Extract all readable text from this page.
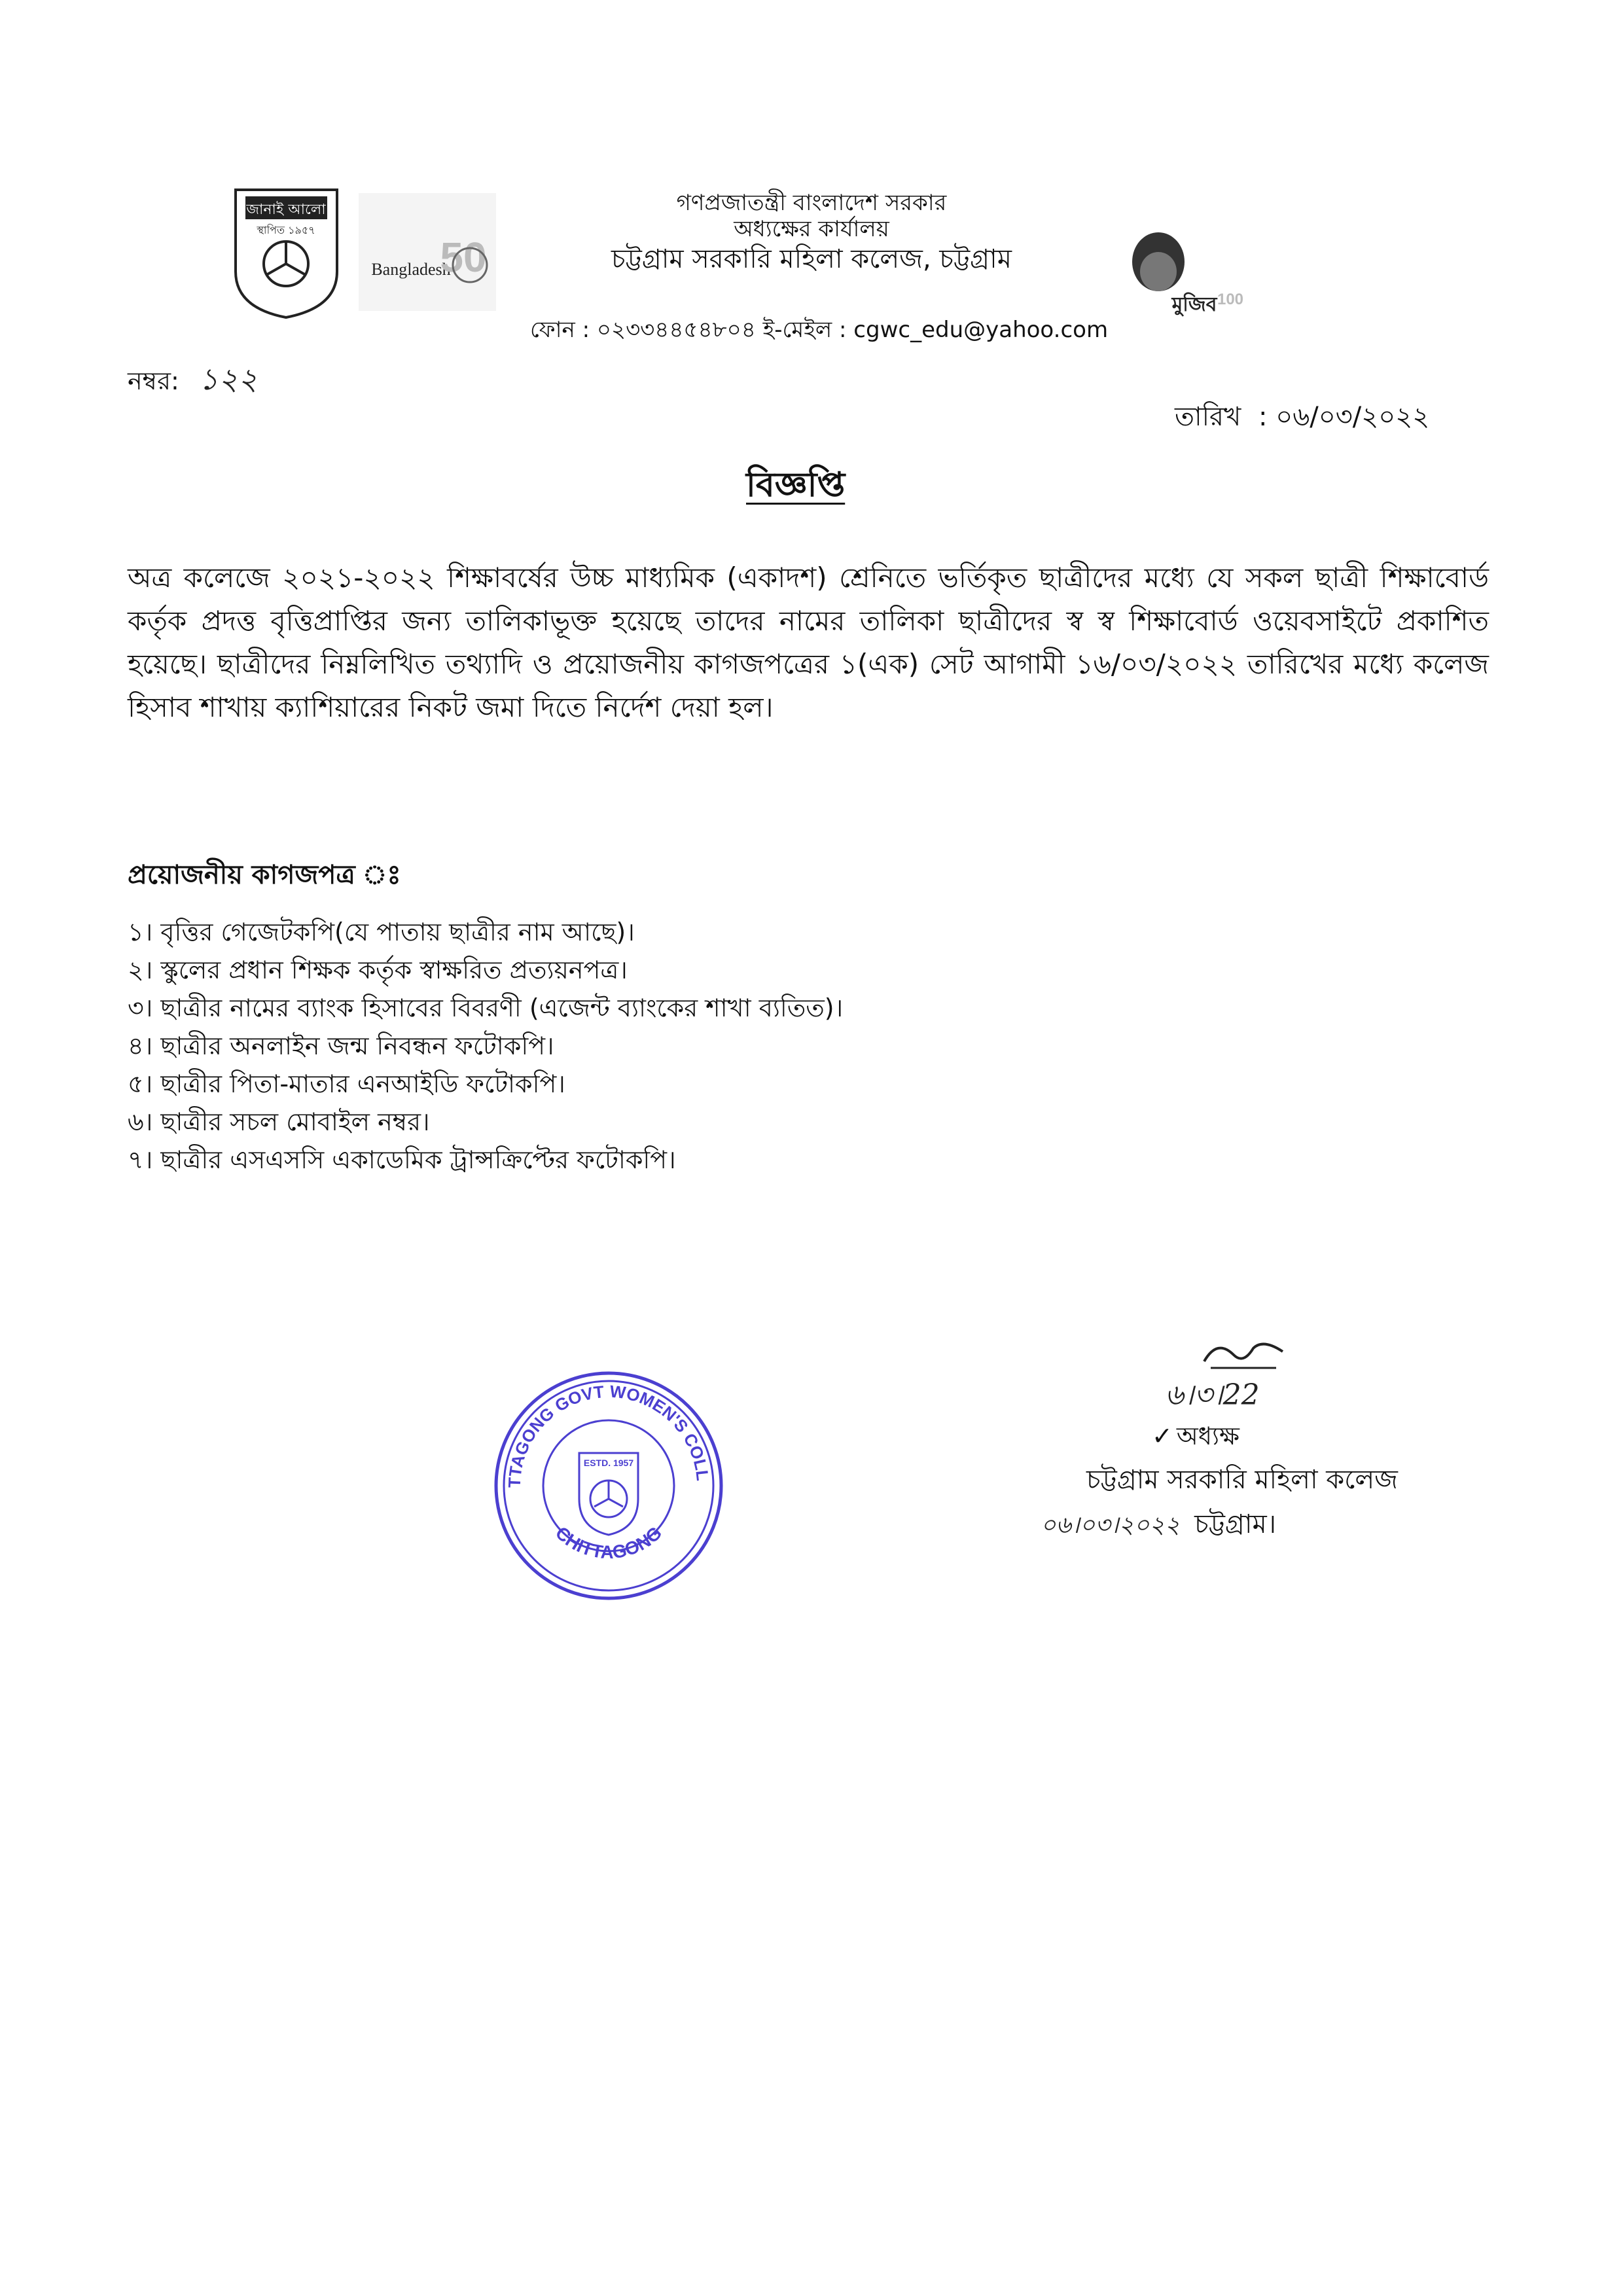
জানাই আলো
স্থাপিত ১৯৫৭
Bangladesh
50
মুজিব 100
গণপ্রজাতন্ত্রী বাংলাদেশ সরকার
অধ্যক্ষের কার্যালয়
চট্টগ্রাম সরকারি মহিলা কলেজ, চট্টগ্রাম
ফোন : ০২৩৩৪৪৫৪৮০৪ ই-মেইল : cgwc_edu@yahoo.com
নম্বর: ১২২
তারিখ : ০৬/০৩/২০২২
বিজ্ঞপ্তি
অত্র কলেজে ২০২১-২০২২ শিক্ষাবর্ষের উচ্চ মাধ্যমিক (একাদশ) শ্রেনিতে ভর্তিকৃত ছাত্রীদের মধ্যে যে সকল ছাত্রী শিক্ষাবোর্ড কর্তৃক প্রদত্ত বৃত্তিপ্রাপ্তির জন্য তালিকাভূক্ত হয়েছে তাদের নামের তালিকা ছাত্রীদের স্ব স্ব শিক্ষাবোর্ড ওয়েবসাইটে প্রকাশিত হয়েছে। ছাত্রীদের নিম্নলিখিত তথ্যাদি ও প্রয়োজনীয় কাগজপত্রের ১(এক) সেট আগামী ১৬/০৩/২০২২ তারিখের মধ্যে কলেজ হিসাব শাখায় ক্যাশিয়ারের নিকট জমা দিতে নির্দেশ দেয়া হল।
প্রয়োজনীয় কাগজপত্র ঃ
১। বৃত্তির গেজেটকপি(যে পাতায় ছাত্রীর নাম আছে)।
২। স্কুলের প্রধান শিক্ষক কর্তৃক স্বাক্ষরিত প্রত্যয়নপত্র।
৩। ছাত্রীর নামের ব্যাংক হিসাবের বিবরণী (এজেন্ট ব্যাংকের শাখা ব্যতিত)।
৪। ছাত্রীর অনলাইন জন্ম নিবন্ধন ফটোকপি।
৫। ছাত্রীর পিতা-মাতার এনআইডি ফটোকপি।
৬। ছাত্রীর সচল মোবাইল নম্বর।
৭। ছাত্রীর এসএসসি একাডেমিক ট্রান্সক্রিপ্টের ফটোকপি।
TTAGONG GOVT WOMEN'S COLL
CHITTAGONG
ESTD. 1957
৬।৩।22
✓ অধ্যক্ষ
চট্টগ্রাম সরকারি মহিলা কলেজ
০৬।০৩।২০২২ চট্টগ্রাম।
